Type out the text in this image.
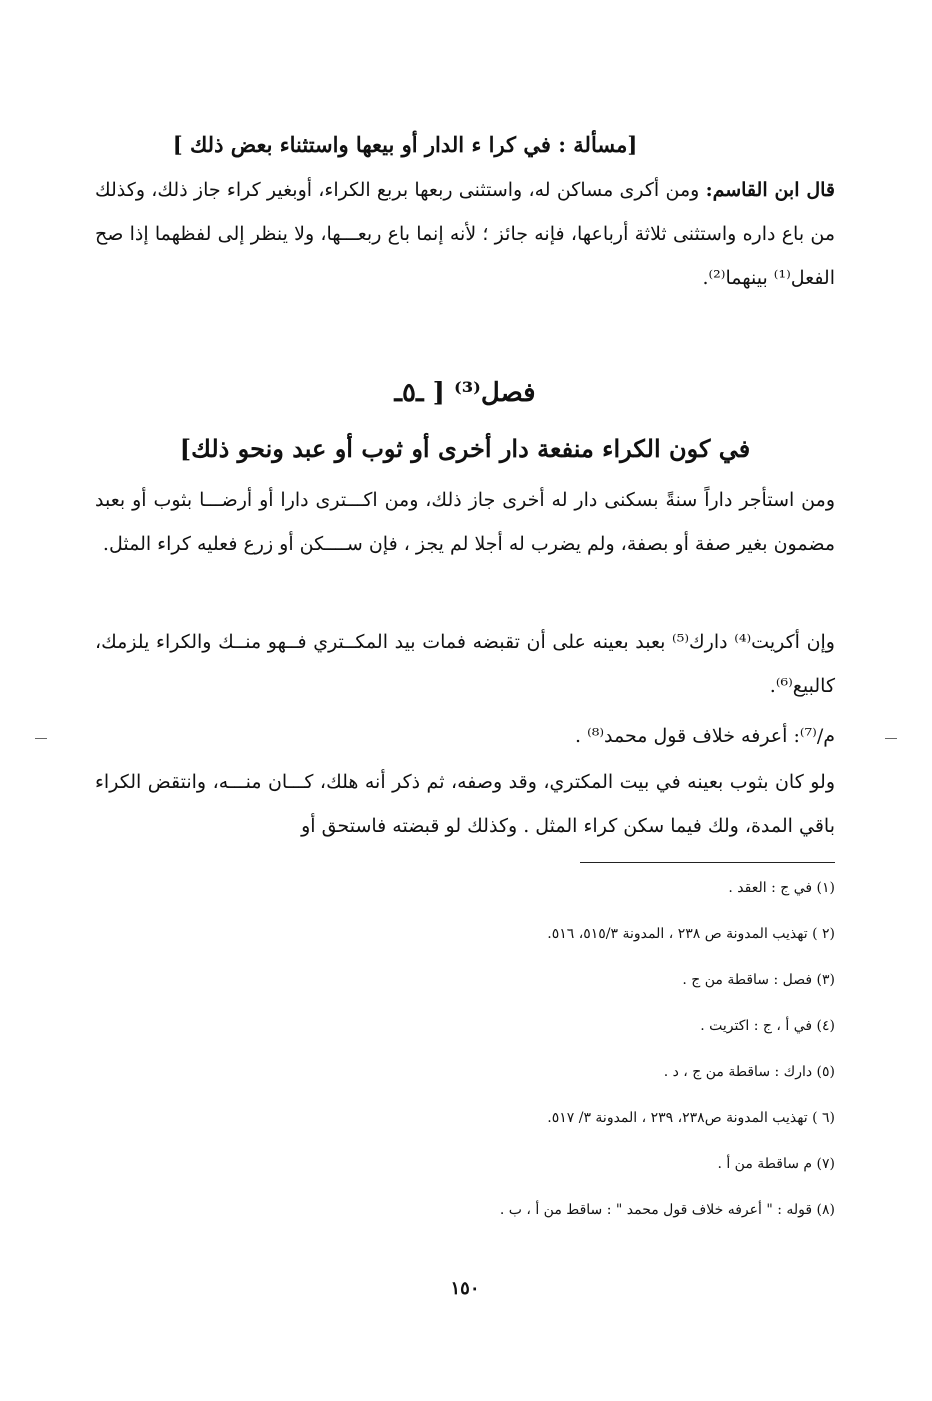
[مسألة : في كرا ء الدار أو بيعها واستثناء بعض ذلك ]
قال ابن القاسم: ومن أكرى مساكن له، واستثنى ربعها بربع الكراء، أوبغير كراء جاز ذلك، وكذلك من باع داره واستثنى ثلاثة أرباعها، فإنه جائز ؛ لأنه إنما باع ربعـــها، ولا ينظر إلى لفظهما إذا صح الفعل⁽¹⁾ بينهما⁽²⁾.
فصل⁽³⁾ [ ـ٥ـ
في كون الكراء منفعة دار أخرى أو ثوب أو عبد ونحو ذلك]
ومن استأجر داراً سنةً بسكنى دار له أخرى جاز ذلك، ومن اكـــترى دارا أو أرضـــا بثوب أو بعبد مضمون بغير صفة أو بصفة، ولم يضرب له أجلا لم يجز ، فإن ســــكن أو زرع فعليه كراء المثل.
وإن أكريت⁽⁴⁾ دارك⁽⁵⁾ بعبد بعينه على أن تقبضه فمات بيد المكــتري فــهو منــك والكراء يلزمك، كالبيع⁽⁶⁾.
م/⁽⁷⁾: أعرفه خلاف قول محمد⁽⁸⁾ .
ولو كان بثوب بعينه في بيت المكتري، وقد وصفه، ثم ذكر أنه هلك، كـــان منـــه، وانتقض الكراء باقي المدة، ولك فيما سكن كراء المثل . وكذلك لو قبضته فاستحق أو
(١) في ج : العقد .
(٢ ) تهذيب المدونة ص ٢٣٨ ، المدونة ٥١٥/٣، ٥١٦.
(٣) فصل : ساقطة من ج .
(٤) في أ ، ج : اكتريت .
(٥) دارك : ساقطة من ج ، د .
(٦ ) تهذيب المدونة ص٢٣٨، ٢٣٩ ، المدونة ٣/ ٥١٧.
(٧) م ساقطة من أ .
(٨) قوله : " أعرفه خلاف قول محمد " : ساقط من أ ، ب .
١٥٠
